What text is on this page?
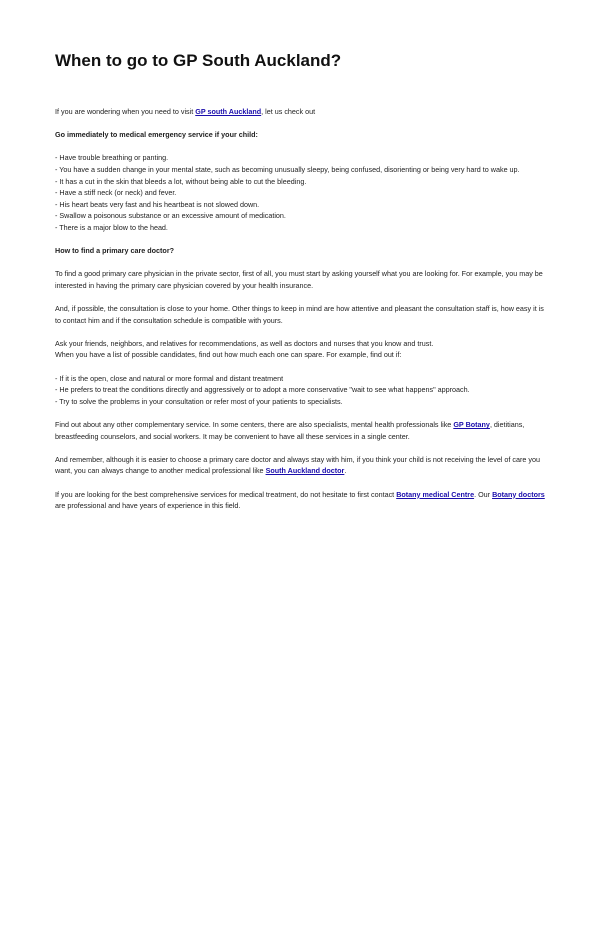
When to go to GP South Auckland?

If you are wondering when you need to visit GP south Auckland, let us check out

Go immediately to medical emergency service if your child:

- Have trouble breathing or panting.
- You have a sudden change in your mental state, such as becoming unusually sleepy, being confused, disorienting or being very hard to wake up.
- It has a cut in the skin that bleeds a lot, without being able to cut the bleeding.
- Have a stiff neck (or neck) and fever.
- His heart beats very fast and his heartbeat is not slowed down.
- Swallow a poisonous substance or an excessive amount of medication.
- There is a major blow to the head.

How to find a primary care doctor?

To find a good primary care physician in the private sector, first of all, you must start by asking yourself what you are looking for. For example, you may be interested in having the primary care physician covered by your health insurance.

And, if possible, the consultation is close to your home. Other things to keep in mind are how attentive and pleasant the consultation staff is, how easy it is to contact him and if the consultation schedule is compatible with yours.

Ask your friends, neighbors, and relatives for recommendations, as well as doctors and nurses that you know and trust.
When you have a list of possible candidates, find out how much each one can spare. For example, find out if:

- If it is the open, close and natural or more formal and distant treatment
- He prefers to treat the conditions directly and aggressively or to adopt a more conservative "wait to see what happens" approach.
- Try to solve the problems in your consultation or refer most of your patients to specialists.

Find out about any other complementary service. In some centers, there are also specialists, mental health professionals like GP Botany, dietitians, breastfeeding counselors, and social workers. It may be convenient to have all these services in a single center.

And remember, although it is easier to choose a primary care doctor and always stay with him, if you think your child is not receiving the level of care you want, you can always change to another medical professional like South Auckland doctor.

If you are looking for the best comprehensive services for medical treatment, do not hesitate to first contact Botany medical Centre. Our Botany doctors are professional and have years of experience in this field.
